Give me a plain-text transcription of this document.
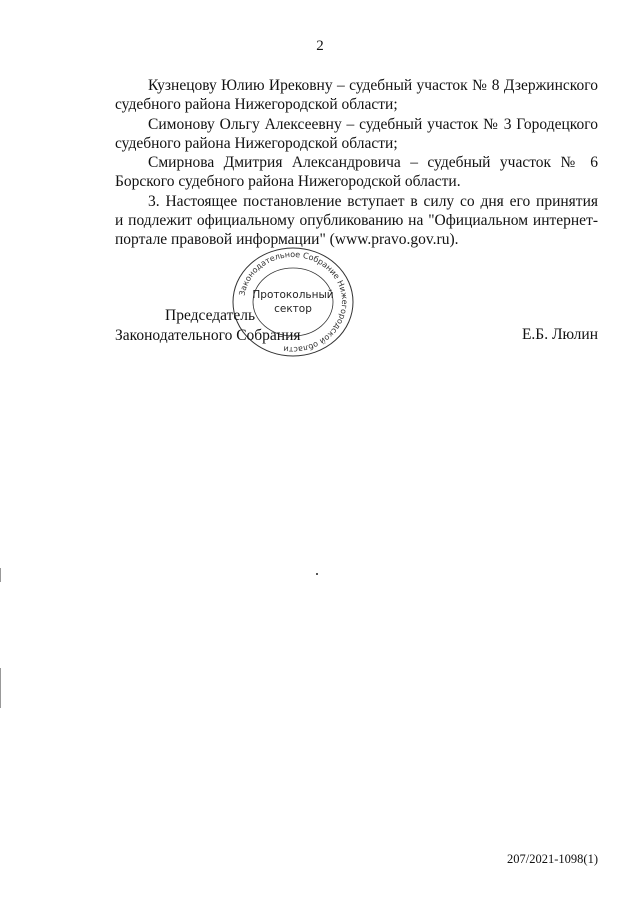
2
Кузнецову Юлию Ирековну – судебный участок № 8 Дзержинского
судебного района Нижегородской области;
Симонову Ольгу Алексеевну – судебный участок № 3 Городецкого
судебного района Нижегородской области;
Смирнова Дмитрия Александровича – судебный участок № 6
Борского судебного района Нижегородской области.
3. Настоящее постановление вступает в силу со дня его принятия
и подлежит официальному опубликованию на "Официальном интернет-
портале правовой информации" (www.pravo.gov.ru).
Законодательное Собрание Нижегородской области
Протокольный
сектор
Председатель
Законодательного Собрания	Е.Б. Люлин
207/2021-1098(1)
